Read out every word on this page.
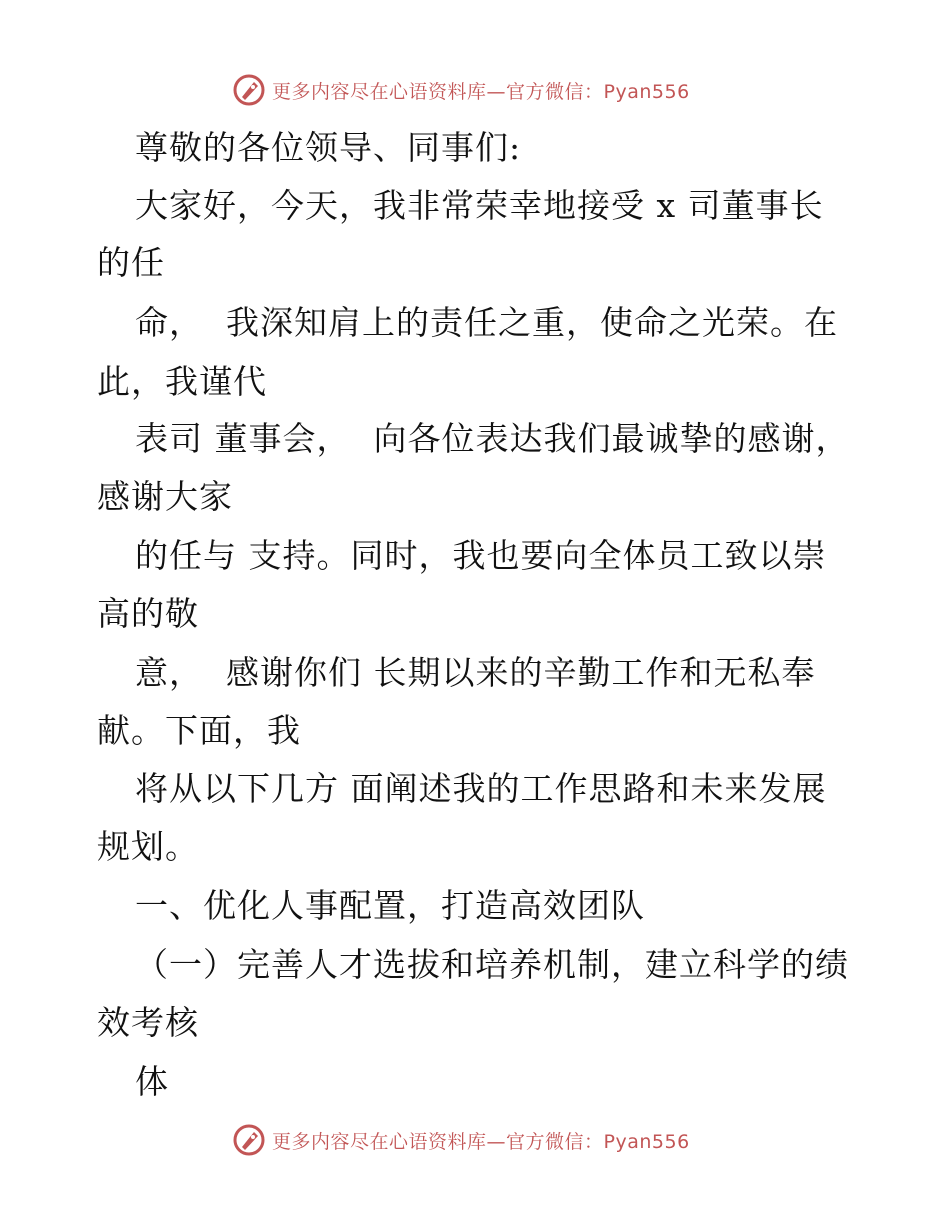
更多内容尽在心语资料库—官方微信：Pyan556
尊敬的各位领导、同事们:
大家好，今天，我非常荣幸地接受 x 司董事长
的任
命，  我深知肩上的责任之重，使命之光荣。在
此，我谨代
表司 董事会，  向各位表达我们最诚挚的感谢，
感谢大家
的任与 支持。同时，我也要向全体员工致以崇
高的敬
意，  感谢你们 长期以来的辛勤工作和无私奉
献。下面，我
将从以下几方 面阐述我的工作思路和未来发展
规划。
一、优化人事配置，打造高效团队
（一）完善人才选拔和培养机制，建立科学的绩
效考核
体
更多内容尽在心语资料库—官方微信：Pyan556
